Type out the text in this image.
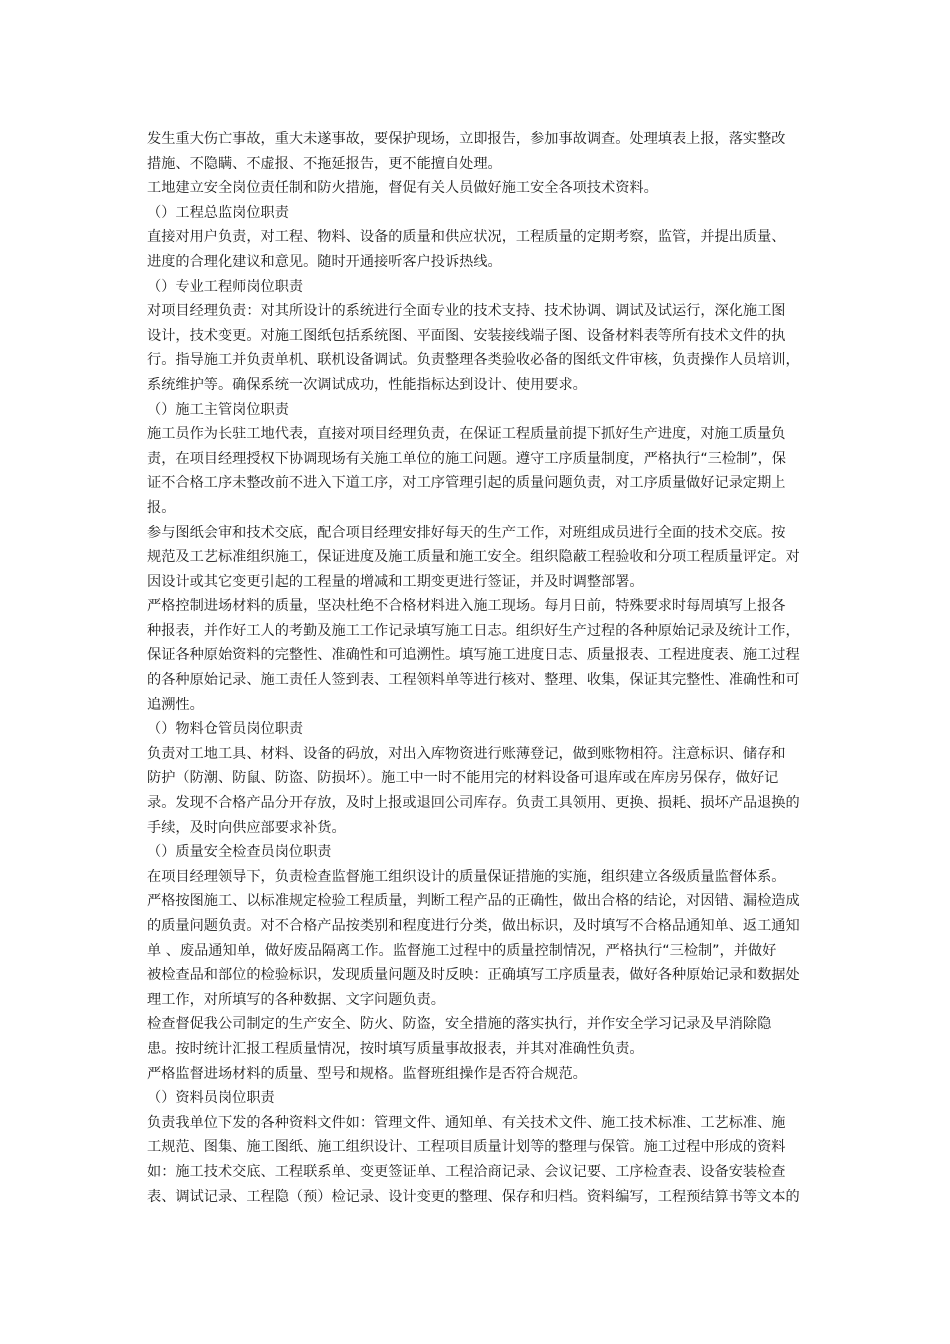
发生重大伤亡事故，重大未遂事故，要保护现场，立即报告，参加事故调查。处理填表上报，落实整改
措施、不隐瞒、不虚报、不拖延报告，更不能擅自处理。
工地建立安全岗位责任制和防火措施，督促有关人员做好施工安全各项技术资料。
（）工程总监岗位职责
直接对用户负责，对工程、物料、设备的质量和供应状况，工程质量的定期考察，监管，并提出质量、
进度的合理化建议和意见。随时开通接听客户投诉热线。
（）专业工程师岗位职责
对项目经理负责：对其所设计的系统进行全面专业的技术支持、技术协调、调试及试运行，深化施工图
设计，技术变更。对施工图纸包括系统图、平面图、安装接线端子图、设备材料表等所有技术文件的执
行。指导施工并负责单机、联机设备调试。负责整理各类验收必备的图纸文件审核，负责操作人员培训，
系统维护等。确保系统一次调试成功，性能指标达到设计、使用要求。
（）施工主管岗位职责
施工员作为长驻工地代表，直接对项目经理负责，在保证工程质量前提下抓好生产进度，对施工质量负
责，在项目经理授权下协调现场有关施工单位的施工问题。遵守工序质量制度，严格执行“三检制”，保
证不合格工序未整改前不进入下道工序，对工序管理引起的质量问题负责，对工序质量做好记录定期上
报。
参与图纸会审和技术交底，配合项目经理安排好每天的生产工作，对班组成员进行全面的技术交底。按
规范及工艺标准组织施工，保证进度及施工质量和施工安全。组织隐蔽工程验收和分项工程质量评定。对
因设计或其它变更引起的工程量的增减和工期变更进行签证，并及时调整部署。
严格控制进场材料的质量，坚决杜绝不合格材料进入施工现场。每月日前，特殊要求时每周填写上报各
种报表，并作好工人的考勤及施工工作记录填写施工日志。组织好生产过程的各种原始记录及统计工作，
保证各种原始资料的完整性、准确性和可追溯性。填写施工进度日志、质量报表、工程进度表、施工过程
的各种原始记录、施工责任人签到表、工程领料单等进行核对、整理、收集，保证其完整性、准确性和可
追溯性。
（）物料仓管员岗位职责
负责对工地工具、材料、设备的码放，对出入库物资进行账薄登记，做到账物相符。注意标识、储存和
防护（防潮、防鼠、防盗、防损坏）。施工中一时不能用完的材料设备可退库或在库房另保存，做好记
录。发现不合格产品分开存放，及时上报或退回公司库存。负责工具领用、更换、损耗、损坏产品退换的
手续，及时向供应部要求补货。
（）质量安全检查员岗位职责
在项目经理领导下，负责检查监督施工组织设计的质量保证措施的实施，组织建立各级质量监督体系。
严格按图施工、以标准规定检验工程质量，判断工程产品的正确性，做出合格的结论，对因错、漏检造成
的质量问题负责。对不合格产品按类别和程度进行分类，做出标识，及时填写不合格品通知单、返工通知
单 、废品通知单，做好废品隔离工作。监督施工过程中的质量控制情况，严格执行“三检制”，并做好
被检查品和部位的检验标识，发现质量问题及时反映：正确填写工序质量表，做好各种原始记录和数据处
理工作，对所填写的各种数据、文字问题负责。
检查督促我公司制定的生产安全、防火、防盗，安全措施的落实执行，并作安全学习记录及早消除隐
患。按时统计汇报工程质量情况，按时填写质量事故报表，并其对准确性负责。
严格监督进场材料的质量、型号和规格。监督班组操作是否符合规范。
（）资料员岗位职责
负责我单位下发的各种资料文件如：管理文件、通知单、有关技术文件、施工技术标准、工艺标准、施
工规范、图集、施工图纸、施工组织设计、工程项目质量计划等的整理与保管。施工过程中形成的资料
如：施工技术交底、工程联系单、变更签证单、工程洽商记录、会议记要、工序检查表、设备安装检查
表、调试记录、工程隐（预）检记录、设计变更的整理、保存和归档。资料编写，工程预结算书等文本的
